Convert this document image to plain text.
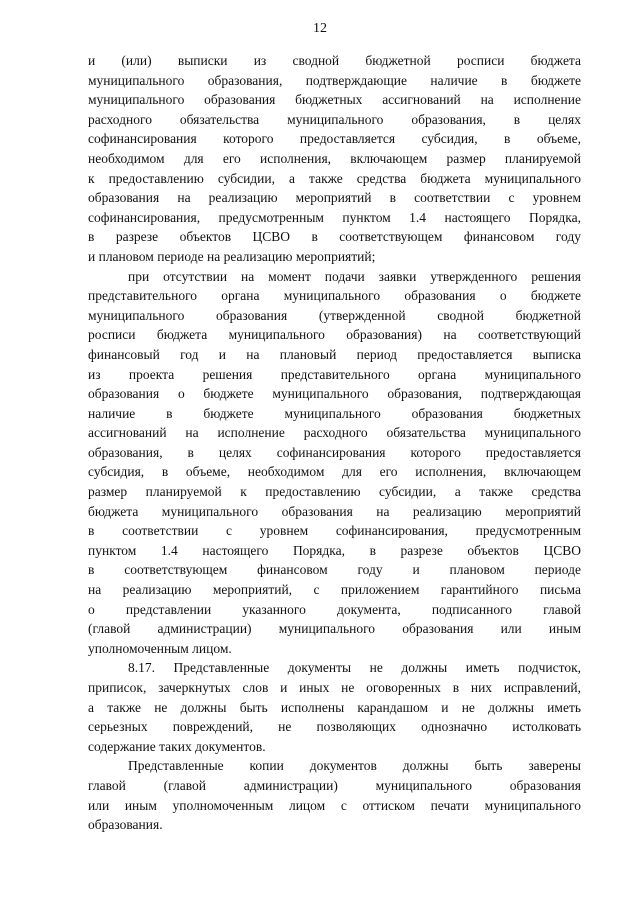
12

и (или) выписки из сводной бюджетной росписи бюджета
муниципального образования, подтверждающие наличие в бюджете
муниципального образования бюджетных ассигнований на исполнение
расходного обязательства муниципального образования, в целях
софинансирования которого предоставляется субсидия, в объеме,
необходимом для его исполнения, включающем размер планируемой
к предоставлению субсидии, а также средства бюджета муниципального
образования на реализацию мероприятий в соответствии с уровнем
софинансирования, предусмотренным пунктом 1.4 настоящего Порядка,
в разрезе объектов ЦСВО в соответствующем финансовом году
и плановом периоде на реализацию мероприятий;

при отсутствии на момент подачи заявки утвержденного решения
представительного органа муниципального образования о бюджете
муниципального образования (утвержденной сводной бюджетной
росписи бюджета муниципального образования) на соответствующий
финансовый год и на плановый период предоставляется выписка
из проекта решения представительного органа муниципального
образования о бюджете муниципального образования, подтверждающая
наличие в бюджете муниципального образования бюджетных
ассигнований на исполнение расходного обязательства муниципального
образования, в целях софинансирования которого предоставляется
субсидия, в объеме, необходимом для его исполнения, включающем
размер планируемой к предоставлению субсидии, а также средства
бюджета муниципального образования на реализацию мероприятий
в соответствии с уровнем софинансирования, предусмотренным
пунктом 1.4 настоящего Порядка, в разрезе объектов ЦСВО
в соответствующем финансовом году и плановом периоде
на реализацию мероприятий, с приложением гарантийного письма
о представлении указанного документа, подписанного главой
(главой администрации) муниципального образования или иным
уполномоченным лицом.

8.17. Представленные документы не должны иметь подчисток,
приписок, зачеркнутых слов и иных не оговоренных в них исправлений,
а также не должны быть исполнены карандашом и не должны иметь
серьезных повреждений, не позволяющих однозначно истолковать
содержание таких документов.

Представленные копии документов должны быть заверены
главой (главой администрации) муниципального образования
или иным уполномоченным лицом с оттиском печати муниципального
образования.
